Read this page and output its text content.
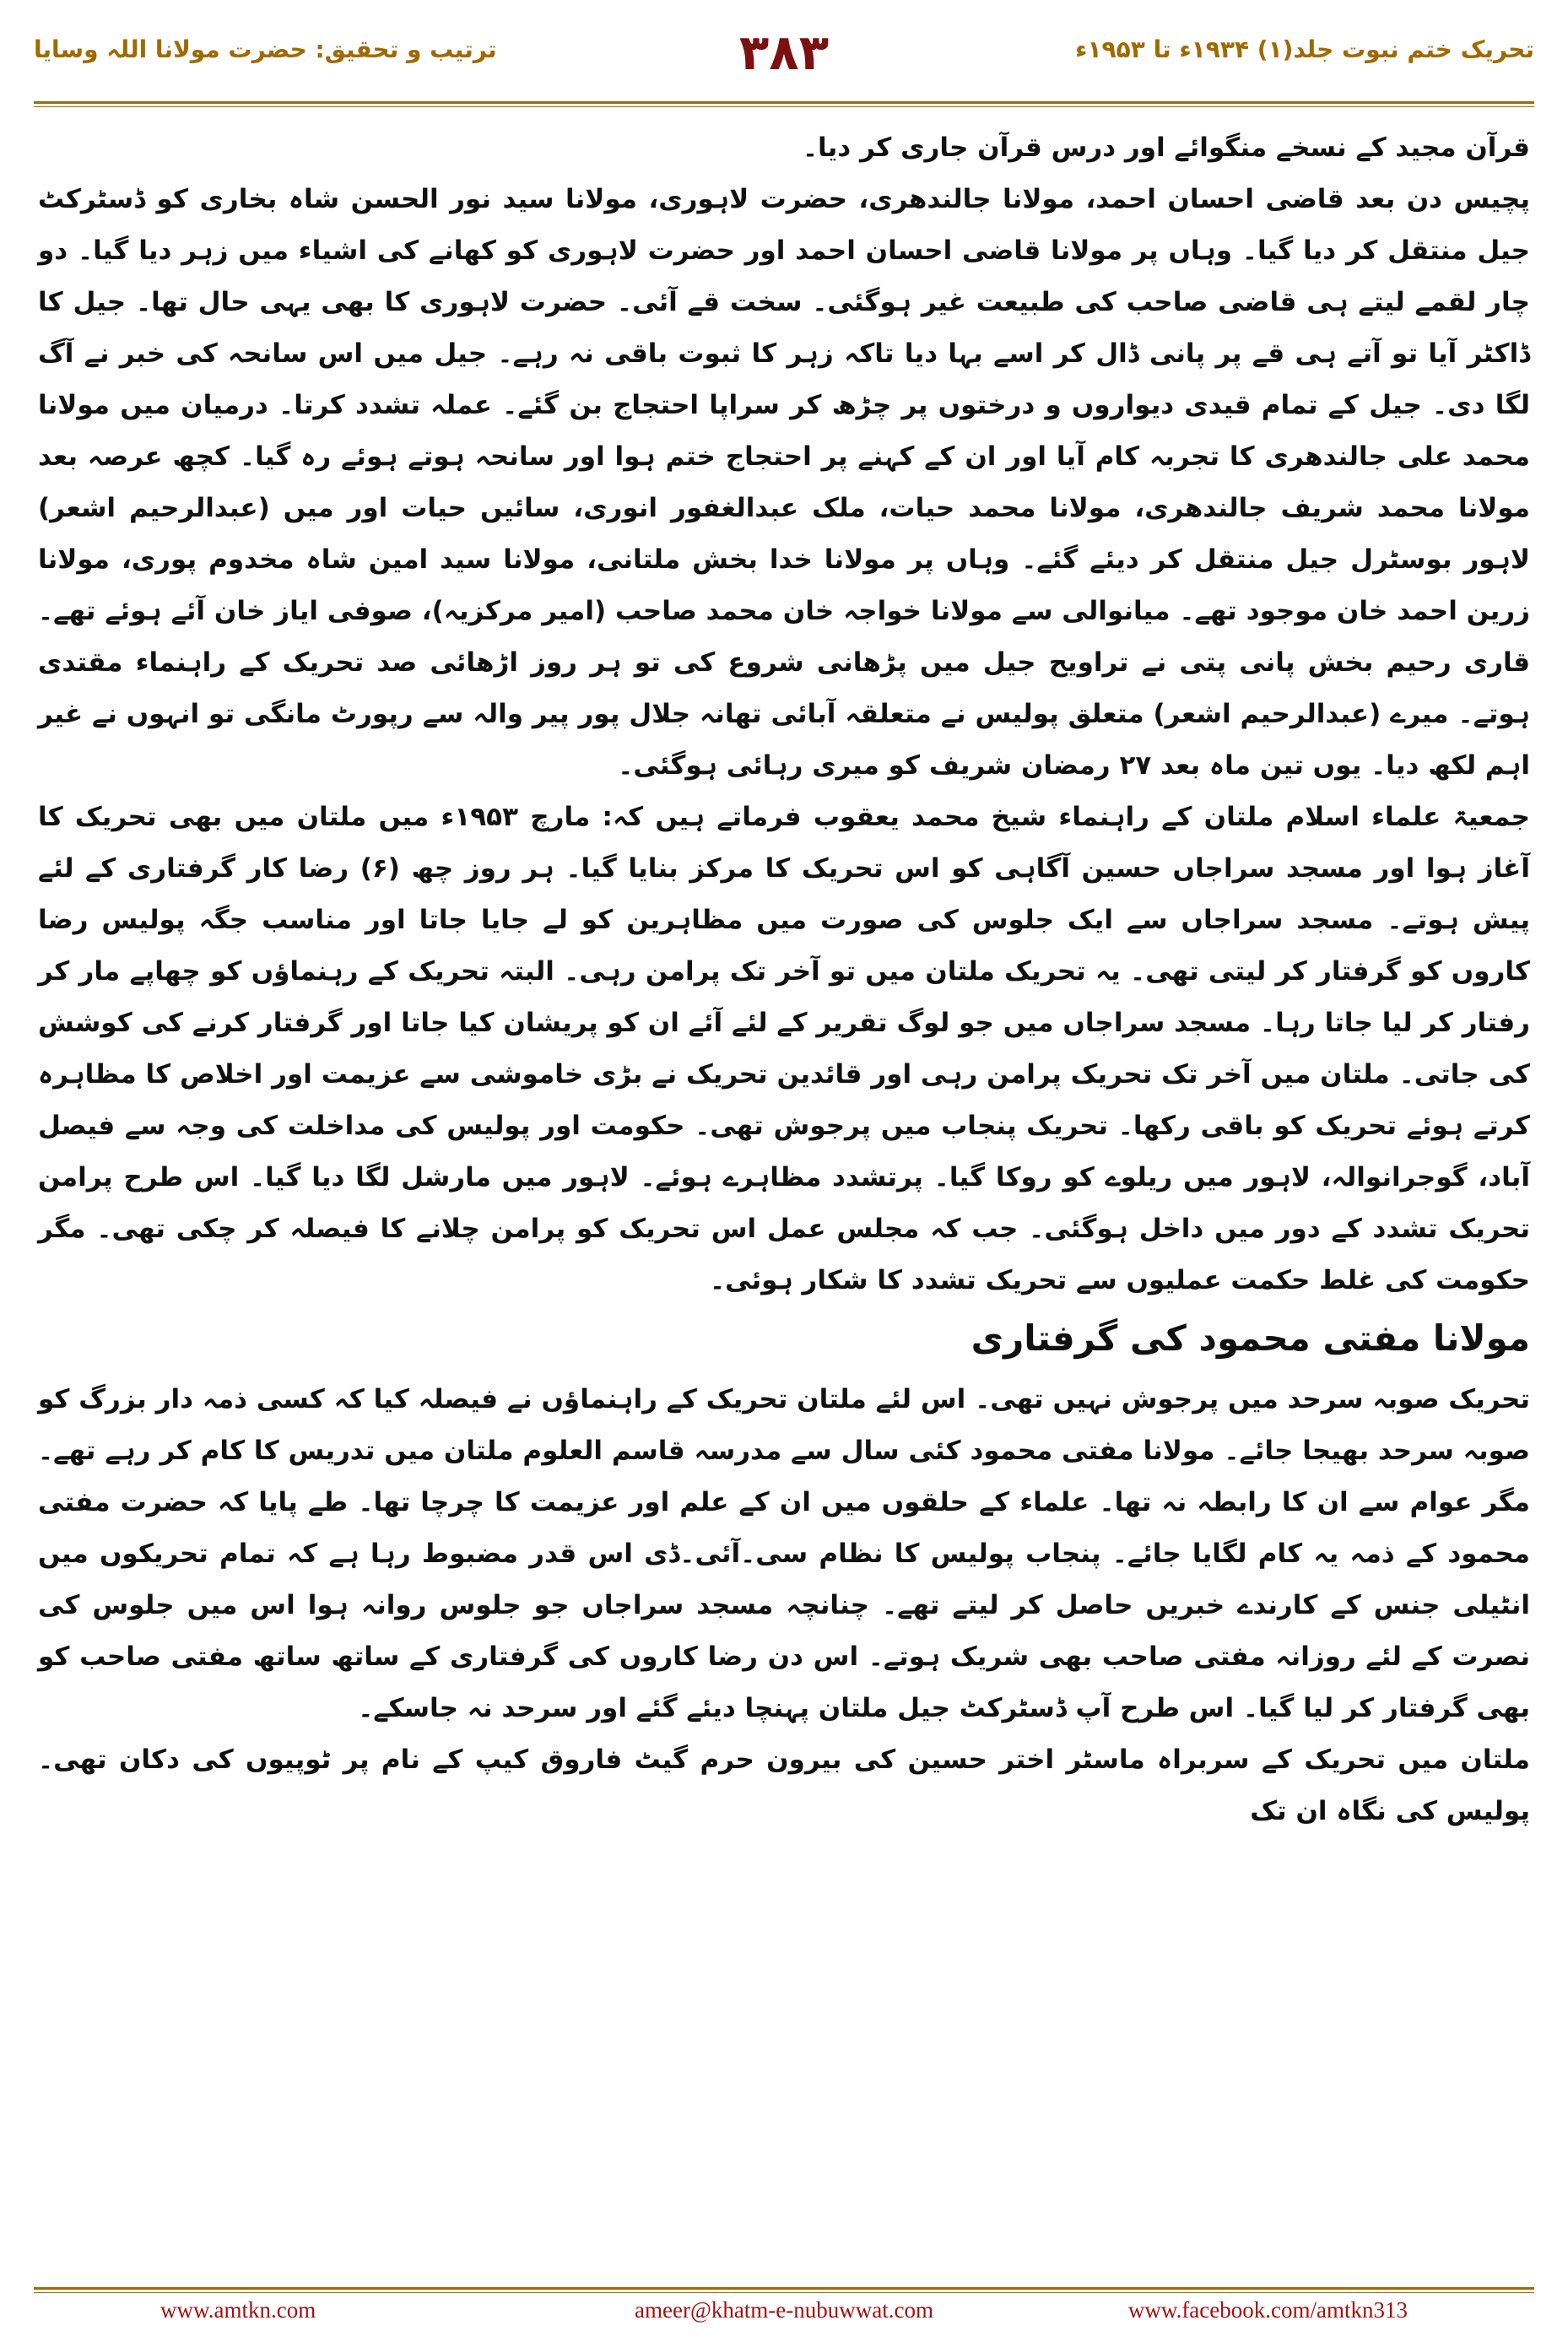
ترتیب و تحقیق: حضرت مولانا اللہ وسایا	۳۸۳	تحریک ختم نبوت جلد(۱) ۱۹۳۴ء تا ۱۹۵۳ء

قرآن مجید کے نسخے منگوائے اور درس قرآن جاری کر دیا۔

پچیس دن بعد قاضی احسان احمد، مولانا جالندھری، حضرت لاہوری، مولانا سید نور الحسن شاہ بخاری کو ڈسٹرکٹ جیل منتقل کر دیا گیا۔ وہاں پر مولانا قاضی احسان احمد اور حضرت لاہوری کو کھانے کی اشیاء میں زہر دیا گیا۔ دو چار لقمے لیتے ہی قاضی صاحب کی طبیعت غیر ہوگئی۔ سخت قے آئی۔ حضرت لاہوری کا بھی یہی حال تھا۔ جیل کا ڈاکٹر آیا تو آتے ہی قے پر پانی ڈال کر اسے بہا دیا تاکہ زہر کا ثبوت باقی نہ رہے۔ جیل میں اس سانحہ کی خبر نے آگ لگا دی۔ جیل کے تمام قیدی دیواروں و درختوں پر چڑھ کر سراپا احتجاج بن گئے۔ عملہ تشدد کرتا۔ درمیان میں مولانا محمد علی جالندھری کا تجربہ کام آیا اور ان کے کہنے پر احتجاج ختم ہوا اور سانحہ ہوتے ہوئے رہ گیا۔ کچھ عرصہ بعد مولانا محمد شریف جالندھری، مولانا محمد حیات، ملک عبدالغفور انوری، سائیں حیات اور میں (عبدالرحیم اشعر) لاہور بوسٹرل جیل منتقل کر دیئے گئے۔ وہاں پر مولانا خدا بخش ملتانی، مولانا سید امین شاہ مخدوم پوری، مولانا زرین احمد خان موجود تھے۔ میانوالی سے مولانا خواجہ خان محمد صاحب (امیر مرکزیہ)، صوفی ایاز خان آئے ہوئے تھے۔ قاری رحیم بخش پانی پتی نے تراویح جیل میں پڑھانی شروع کی تو ہر روز اڑھائی صد تحریک کے راہنماء مقتدی ہوتے۔ میرے (عبدالرحیم اشعر) متعلق پولیس نے متعلقہ آبائی تھانہ جلال پور پیر والہ سے رپورٹ مانگی تو انہوں نے غیر اہم لکھ دیا۔ یوں تین ماہ بعد ۲۷ رمضان شریف کو میری رہائی ہوگئی۔

جمعیۃ علماء اسلام ملتان کے راہنماء شیخ محمد یعقوب فرماتے ہیں کہ: مارچ ۱۹۵۳ء میں ملتان میں بھی تحریک کا آغاز ہوا اور مسجد سراجاں حسین آگاہی کو اس تحریک کا مرکز بنایا گیا۔ ہر روز چھ (۶) رضا کار گرفتاری کے لئے پیش ہوتے۔ مسجد سراجاں سے ایک جلوس کی صورت میں مظاہرین کو لے جایا جاتا اور مناسب جگہ پولیس رضا کاروں کو گرفتار کر لیتی تھی۔ یہ تحریک ملتان میں تو آخر تک پرامن رہی۔ البتہ تحریک کے رہنماؤں کو چھاپے مار کر رفتار کر لیا جاتا رہا۔ مسجد سراجاں میں جو لوگ تقریر کے لئے آئے ان کو پریشان کیا جاتا اور گرفتار کرنے کی کوشش کی جاتی۔ ملتان میں آخر تک تحریک پرامن رہی اور قائدین تحریک نے بڑی خاموشی سے عزیمت اور اخلاص کا مظاہرہ کرتے ہوئے تحریک کو باقی رکھا۔ تحریک پنجاب میں پرجوش تھی۔ حکومت اور پولیس کی مداخلت کی وجہ سے فیصل آباد، گوجرانوالہ، لاہور میں ریلوے کو روکا گیا۔ پرتشدد مظاہرے ہوئے۔ لاہور میں مارشل لگا دیا گیا۔ اس طرح پرامن تحریک تشدد کے دور میں داخل ہوگئی۔ جب کہ مجلس عمل اس تحریک کو پرامن چلانے کا فیصلہ کر چکی تھی۔ مگر حکومت کی غلط حکمت عملیوں سے تحریک تشدد کا شکار ہوئی۔

مولانا مفتی محمود کی گرفتاری

تحریک صوبہ سرحد میں پرجوش نہیں تھی۔ اس لئے ملتان تحریک کے راہنماؤں نے فیصلہ کیا کہ کسی ذمہ دار بزرگ کو صوبہ سرحد بھیجا جائے۔ مولانا مفتی محمود کئی سال سے مدرسہ قاسم العلوم ملتان میں تدریس کا کام کر رہے تھے۔ مگر عوام سے ان کا رابطہ نہ تھا۔ علماء کے حلقوں میں ان کے علم اور عزیمت کا چرچا تھا۔ طے پایا کہ حضرت مفتی محمود کے ذمہ یہ کام لگایا جائے۔ پنجاب پولیس کا نظام سی۔آئی۔ڈی اس قدر مضبوط رہا ہے کہ تمام تحریکوں میں انٹیلی جنس کے کارندے خبریں حاصل کر لیتے تھے۔ چنانچہ مسجد سراجاں جو جلوس روانہ ہوا اس میں جلوس کی نصرت کے لئے روزانہ مفتی صاحب بھی شریک ہوتے۔ اس دن رضا کاروں کی گرفتاری کے ساتھ ساتھ مفتی صاحب کو بھی گرفتار کر لیا گیا۔ اس طرح آپ ڈسٹرکٹ جیل ملتان پہنچا دیئے گئے اور سرحد نہ جاسکے۔

ملتان میں تحریک کے سربراہ ماسٹر اختر حسین کی بیرون حرم گیٹ فاروق کیپ کے نام پر ٹوپیوں کی دکان تھی۔ پولیس کی نگاہ ان تک

www.amtkn.com	ameer@khatm-e-nubuwwat.com	www.facebook.com/amtkn313
